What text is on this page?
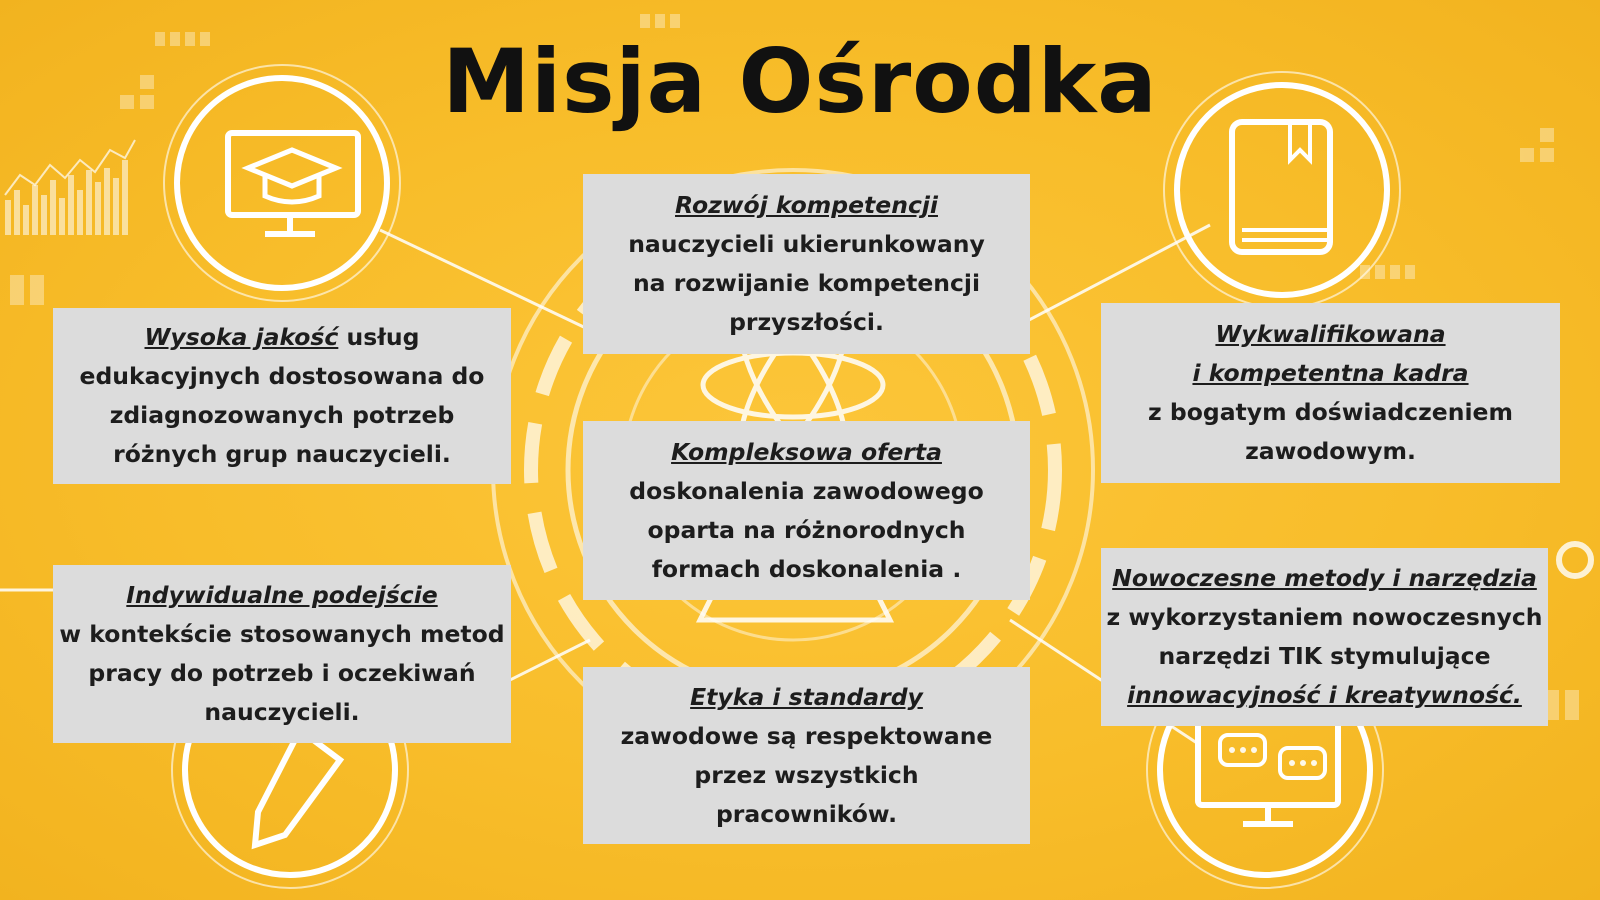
Misja Ośrodka
Rozwój kompetencji
nauczycieli ukierunkowany
na rozwijanie kompetencji
przyszłości.
Wysoka jakość usług
edukacyjnych dostosowana do
zdiagnozowanych potrzeb
różnych grup nauczycieli.
Wykwalifikowana
i kompetentna kadra
z bogatym doświadczeniem
zawodowym.
Kompleksowa oferta
doskonalenia zawodowego
oparta na różnorodnych
formach doskonalenia .
Indywidualne podejście
w kontekście stosowanych metod
pracy do potrzeb i oczekiwań
nauczycieli.
Nowoczesne metody i narzędzia
z wykorzystaniem nowoczesnych
narzędzi TIK stymulujące
innowacyjność i kreatywność.
Etyka i standardy
zawodowe są respektowane
przez wszystkich
pracowników.
